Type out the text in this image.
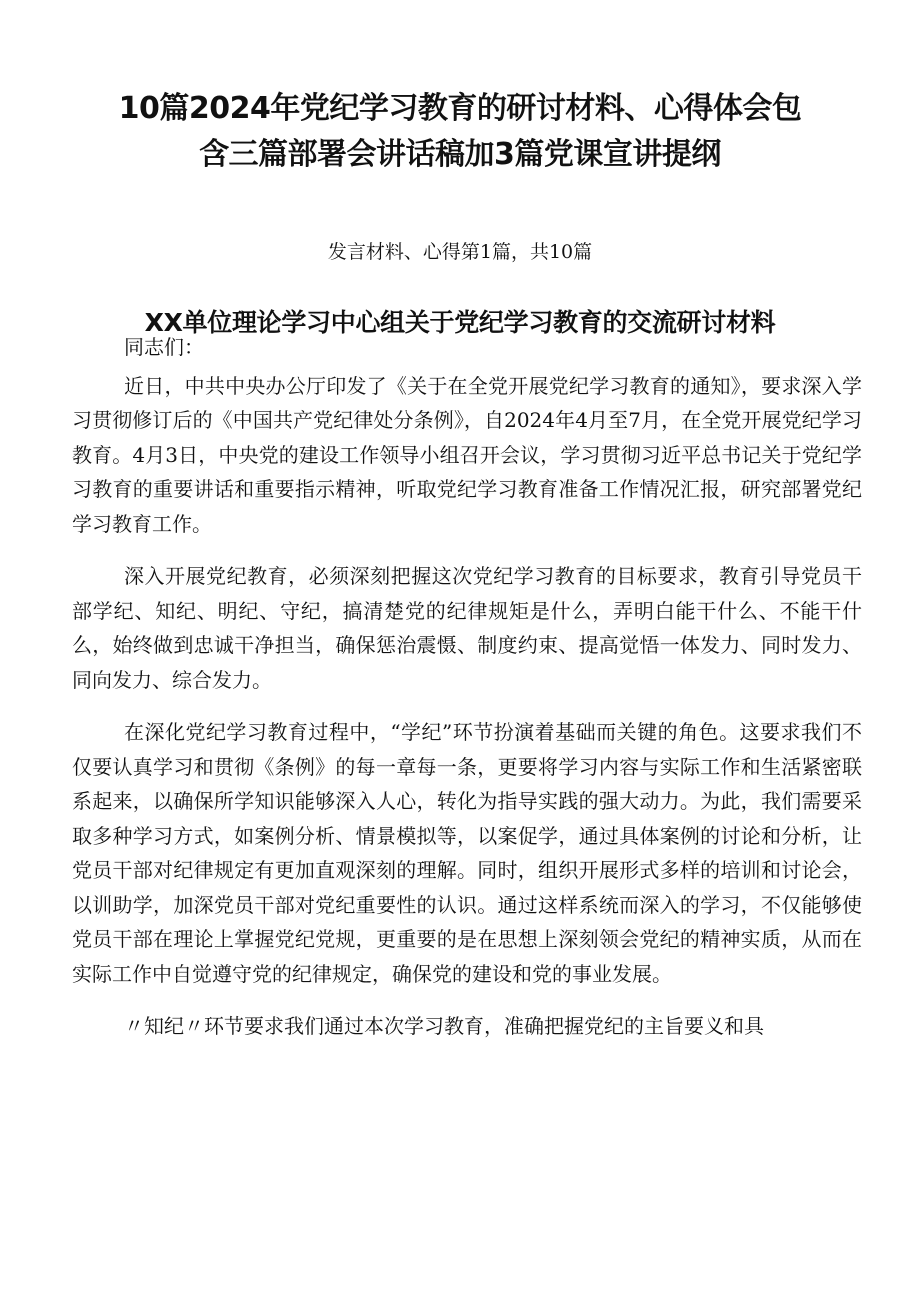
10篇2024年党纪学习教育的研讨材料、心得体会包
含三篇部署会讲话稿加3篇党课宣讲提纲
发言材料、心得第1篇，共10篇
XX单位理论学习中心组关于党纪学习教育的交流研讨材料

同志们：

近日，中共中央办公厅印发了《关于在全党开展党纪学习教育的通知》，要求深入学习贯彻修订后的《中国共产党纪律处分条例》，自2024年4月至7月，在全党开展党纪学习教育。4月3日，中央党的建设工作领导小组召开会议，学习贯彻习近平总书记关于党纪学习教育的重要讲话和重要指示精神，听取党纪学习教育准备工作情况汇报，研究部署党纪学习教育工作。

深入开展党纪教育，必须深刻把握这次党纪学习教育的目标要求，教育引导党员干部学纪、知纪、明纪、守纪，搞清楚党的纪律规矩是什么，弄明白能干什么、不能干什么，始终做到忠诚干净担当，确保惩治震慑、制度约束、提高觉悟一体发力、同时发力、同向发力、综合发力。

在深化党纪学习教育过程中，“学纪”环节扮演着基础而关键的角色。这要求我们不仅要认真学习和贯彻《条例》的每一章每一条，更要将学习内容与实际工作和生活紧密联系起来，以确保所学知识能够深入人心，转化为指导实践的强大动力。为此，我们需要采取多种学习方式，如案例分析、情景模拟等，以案促学，通过具体案例的讨论和分析，让党员干部对纪律规定有更加直观深刻的理解。同时，组织开展形式多样的培训和讨论会，以训助学，加深党员干部对党纪重要性的认识。通过这样系统而深入的学习，不仅能够使党员干部在理论上掌握党纪党规，更重要的是在思想上深刻领会党纪的精神实质，从而在实际工作中自觉遵守党的纪律规定，确保党的建设和党的事业发展。

〃知纪〃环节要求我们通过本次学习教育，准确把握党纪的主旨要义和具
